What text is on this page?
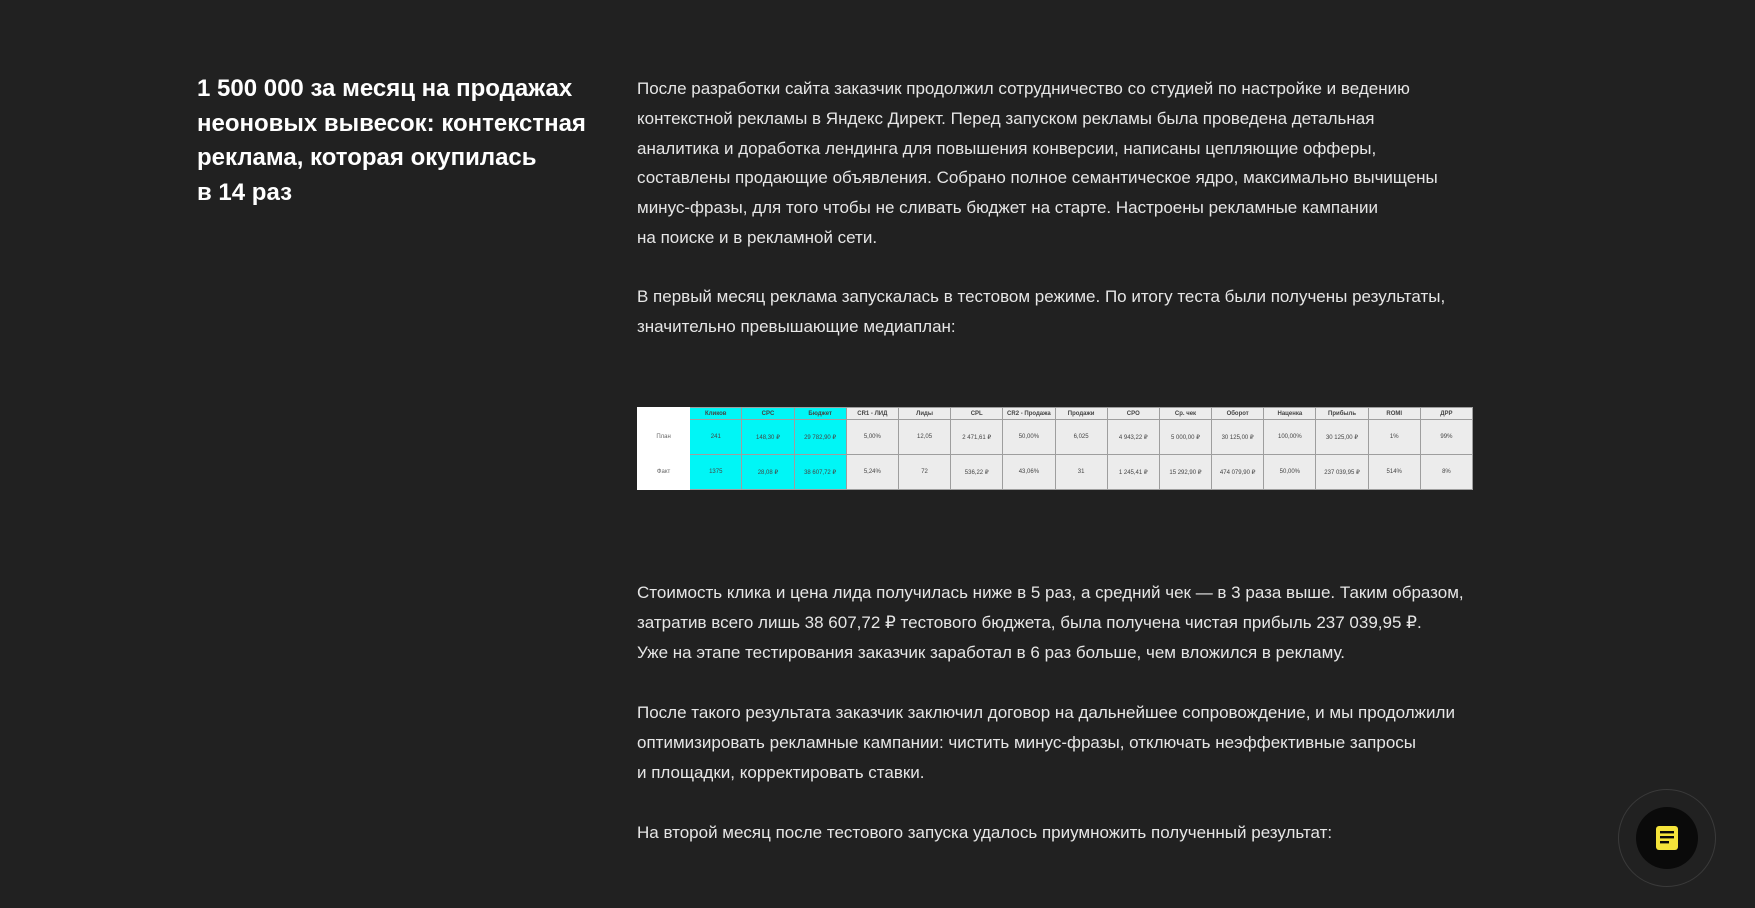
1 500 000 за месяц на продажах
неоновых вывесок: контекстная
реклама, которая окупилась
в 14 раз

После разработки сайта заказчик продолжил сотрудничество со студией по настройке и ведению
контекстной рекламы в Яндекс Директ. Перед запуском рекламы была проведена детальная
аналитика и доработка лендинга для повышения конверсии, написаны цепляющие офферы,
составлены продающие объявления. Собрано полное семантическое ядро, максимально вычищены
минус-фразы, для того чтобы не сливать бюджет на старте. Настроены рекламные кампании
на поиске и в рекламной сети.

В первый месяц реклама запускалась в тестовом режиме. По итогу теста были получены результаты,
значительно превышающие медиаплан:

Стоимость клика и цена лида получилась ниже в 5 раз, а средний чек — в 3 раза выше. Таким образом,
затратив всего лишь 38 607,72 ₽ тестового бюджета, была получена чистая прибыль 237 039,95 ₽.
Уже на этапе тестирования заказчик заработал в 6 раз больше, чем вложился в рекламу.

После такого результата заказчик заключил договор на дальнейшее сопровождение, и мы продолжили
оптимизировать рекламные кампании: чистить минус-фразы, отключать неэффективные запросы
и площадки, корректировать ставки.

На второй месяц после тестового запуска удалось приумножить полученный результат:

	Кликов	CPC	Бюджет	CR1 - ЛИД	Лиды	CPL	CR2 - Продажа	Продажи	CPO	Ср. чек	Оборот	Наценка	Прибыль	ROMI	ДРР
План	241	148,30 ₽	29 782,90 ₽	5,00%	12,05	2 471,61 ₽	50,00%	6,025	4 943,22 ₽	5 000,00 ₽	30 125,00 ₽	100,00%	30 125,00 ₽	1%	99%
Факт	1375	28,08 ₽	38 607,72 ₽	5,24%	72	536,22 ₽	43,06%	31	1 245,41 ₽	15 292,90 ₽	474 079,90 ₽	50,00%	237 039,95 ₽	514%	8%
